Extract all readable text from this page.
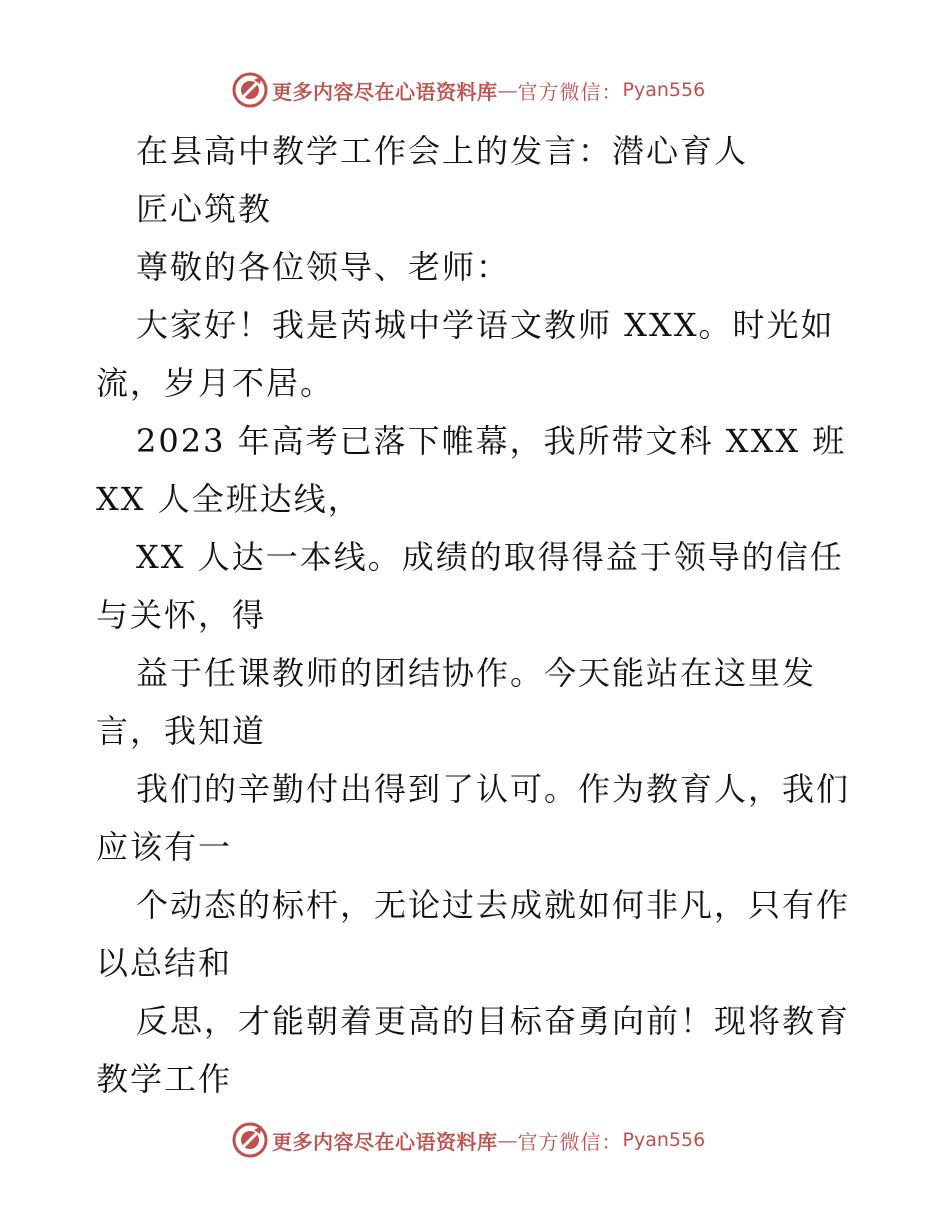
更多内容尽在心语资料库 — 官方微信： Pyan556
在县高中教学工作会上的发言：潜心育人
匠心筑教
尊敬的各位领导、老师：
大家好！我是芮城中学语文教师 XXX。时光如
流，岁月不居。
2023 年高考已落下帷幕，我所带文科 XXX 班
XX 人全班达线，
XX 人达一本线。成绩的取得得益于领导的信任
与关怀，得
益于任课教师的团结协作。今天能站在这里发
言，我知道
我们的辛勤付出得到了认可。作为教育人，我们
应该有一
个动态的标杆，无论过去成就如何非凡，只有作
以总结和
反思，才能朝着更高的目标奋勇向前！现将教育
教学工作
更多内容尽在心语资料库 — 官方微信： Pyan556
